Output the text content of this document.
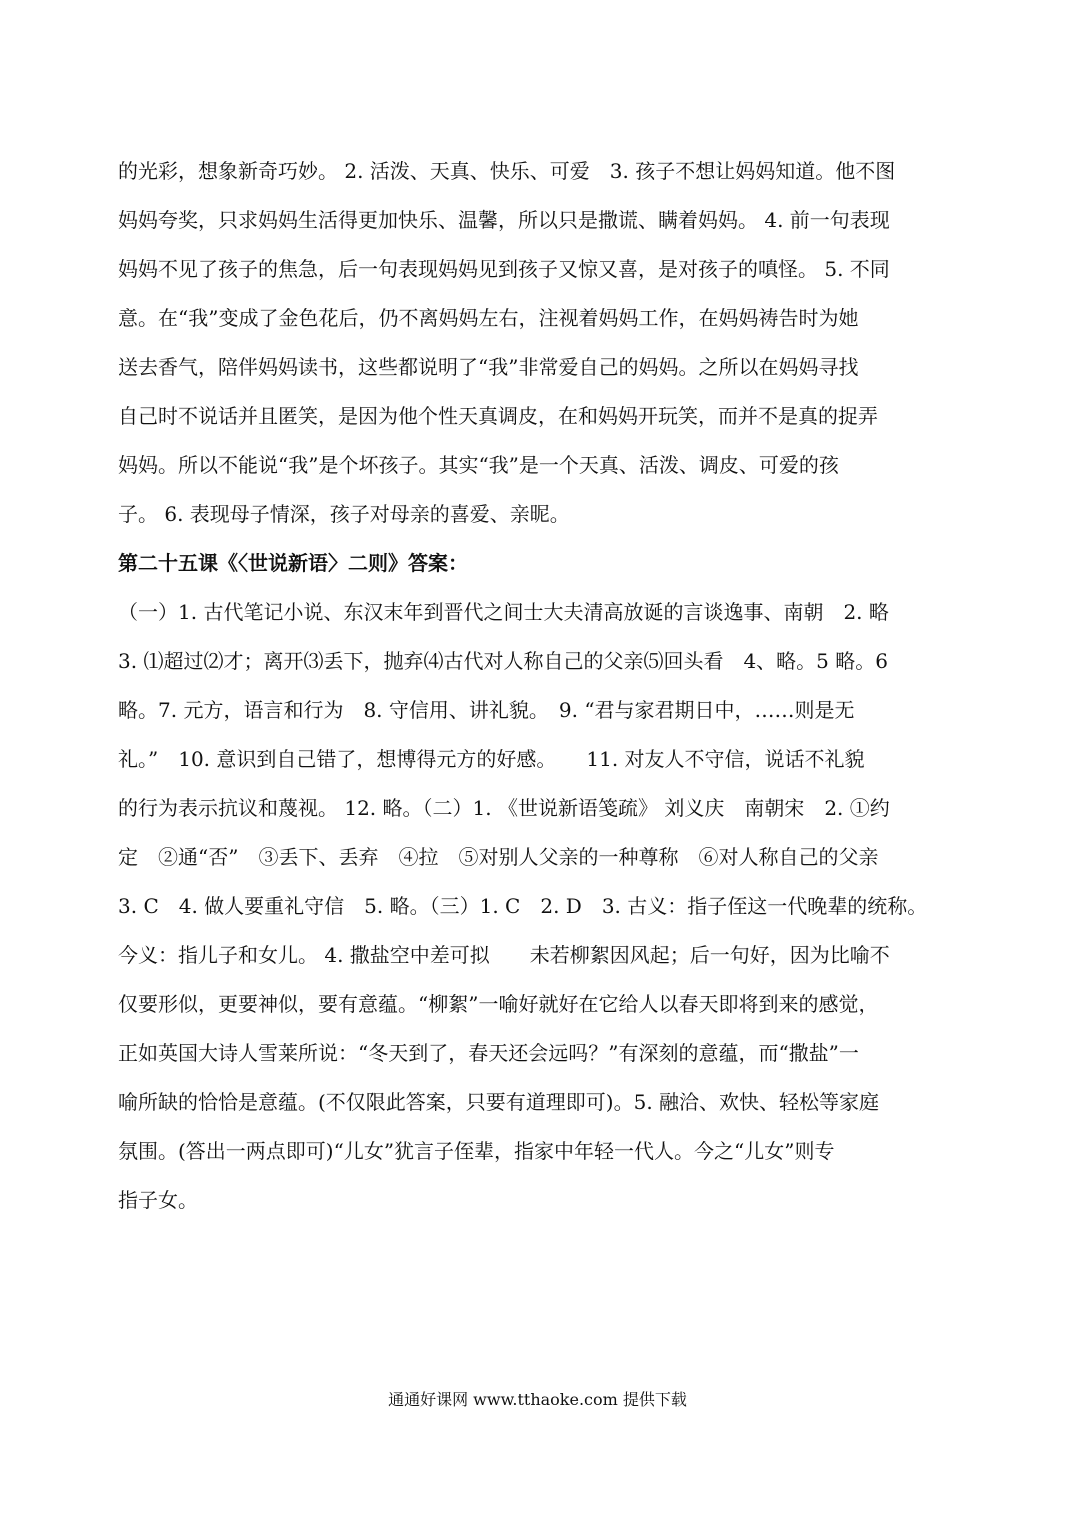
的光彩，想象新奇巧妙。 2. 活泼、天真、快乐、可爱　3. 孩子不想让妈妈知道。他不图
妈妈夸奖，只求妈妈生活得更加快乐、温馨，所以只是撒谎、瞒着妈妈。 4. 前一句表现
妈妈不见了孩子的焦急，后一句表现妈妈见到孩子又惊又喜，是对孩子的嗔怪。 5. 不同
意。在“我”变成了金色花后，仍不离妈妈左右，注视着妈妈工作，在妈妈祷告时为她
送去香气，陪伴妈妈读书，这些都说明了“我”非常爱自己的妈妈。之所以在妈妈寻找
自己时不说话并且匿笑，是因为他个性天真调皮，在和妈妈开玩笑，而并不是真的捉弄
妈妈。所以不能说“我”是个坏孩子。其实“我”是一个天真、活泼、调皮、可爱的孩
子。 6. 表现母子情深，孩子对母亲的喜爱、亲昵。
第二十五课《〈世说新语〉二则》答案：
（一）1. 古代笔记小说、东汉末年到晋代之间士大夫清高放诞的言谈逸事、南朝　2. 略
3. ⑴超过⑵才；离开⑶丢下，抛弃⑷古代对人称自己的父亲⑸回头看　4、略。5 略。6
略。7. 元方，语言和行为　8. 守信用、讲礼貌。　9. “君与家君期日中，……则是无
礼。”　10. 意识到自己错了，想博得元方的好感。　　11. 对友人不守信，说话不礼貌
的行为表示抗议和蔑视。 12. 略。（二）1. 《世说新语笺疏》 刘义庆　南朝宋　2. ①约
定　②通“否”　③丢下、丢弃　④拉　⑤对别人父亲的一种尊称　⑥对人称自己的父亲
3. C　4. 做人要重礼守信　5. 略。（三）1. C　2. D　3. 古义：指子侄这一代晚辈的统称。
今义：指儿子和女儿。 4. 撒盐空中差可拟　　未若柳絮因风起；后一句好，因为比喻不
仅要形似，更要神似，要有意蕴。“柳絮”一喻好就好在它给人以春天即将到来的感觉，
正如英国大诗人雪莱所说：“冬天到了，春天还会远吗？”有深刻的意蕴，而“撒盐”一
喻所缺的恰恰是意蕴。(不仅限此答案，只要有道理即可)。5. 融洽、欢快、轻松等家庭
氛围。(答出一两点即可)“儿女”犹言子侄辈，指家中年轻一代人。今之“儿女”则专
指子女。
通通好课网 www.tthaoke.com 提供下载
